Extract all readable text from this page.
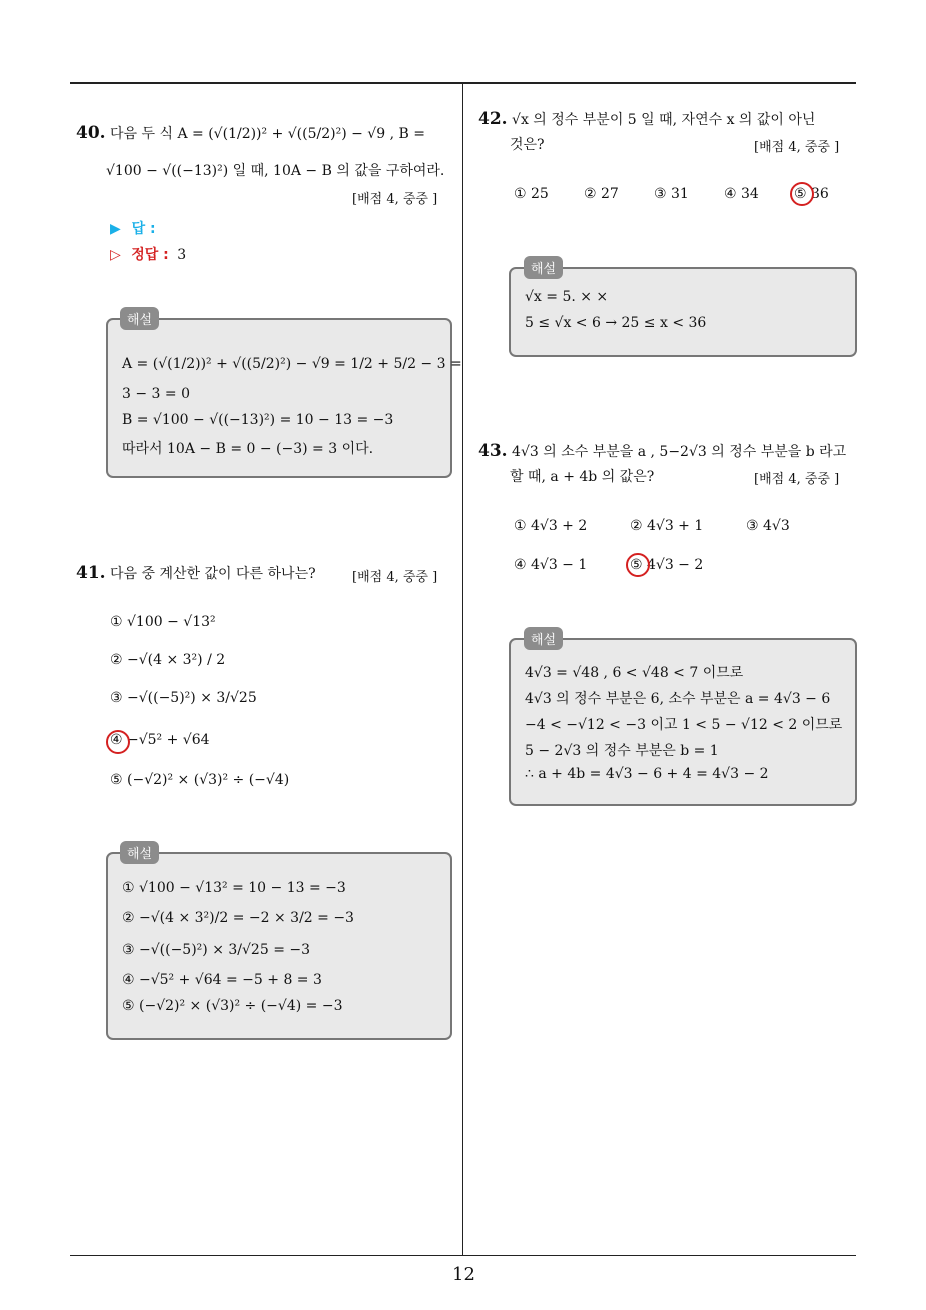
12
40. 다음 두 식 A = (√(1/2))² + √((5/2)²) − √9 , B =
√100 − √((−13)²) 일 때, 10A − B 의 값을 구하여라.
[배점 4, 중중 ]
▶ 답 :
▷ 정답 : 3
A = (√(1/2))² + √((5/2)²) − √9 = 1/2 + 5/2 − 3 =
3 − 3 = 0
B = √100 − √((−13)²) = 10 − 13 = −3
따라서 10A − B = 0 − (−3) = 3 이다.
해설
41. 다음 중 계산한 값이 다른 하나는?	[배점 4, 중중 ]
① √100 − √13²
② −√(4 × 3²) / 2
③ −√((−5)²) × 3/√25
④ −√5² + √64
⑤ (−√2)² × (√3)² ÷ (−√4)
① √100 − √13² = 10 − 13 = −3
② −√(4 × 3²)/2 = −2 × 3/2 = −3
③ −√((−5)²) × 3/√25 = −3
④ −√5² + √64 = −5 + 8 = 3
⑤ (−√2)² × (√3)² ÷ (−√4) = −3
해설
42. √x 의 정수 부분이 5 일 때, 자연수 x 의 값이 아닌
것은?	[배점 4, 중중 ]
① 25	② 27	③ 31	④ 34	⑤ 36
√x = 5. × ×
5 ≤ √x < 6 → 25 ≤ x < 36
해설
43. 4√3 의 소수 부분을 a , 5−2√3 의 정수 부분을 b 라고
할 때, a + 4b 의 값은?	[배점 4, 중중 ]
① 4√3 + 2	② 4√3 + 1	③ 4√3
④ 4√3 − 1	⑤ 4√3 − 2
4√3 = √48 , 6 < √48 < 7 이므로
4√3 의 정수 부분은 6, 소수 부분은 a = 4√3 − 6
−4 < −√12 < −3 이고 1 < 5 − √12 < 2 이므로
5 − 2√3 의 정수 부분은 b = 1
∴ a + 4b = 4√3 − 6 + 4 = 4√3 − 2
해설
